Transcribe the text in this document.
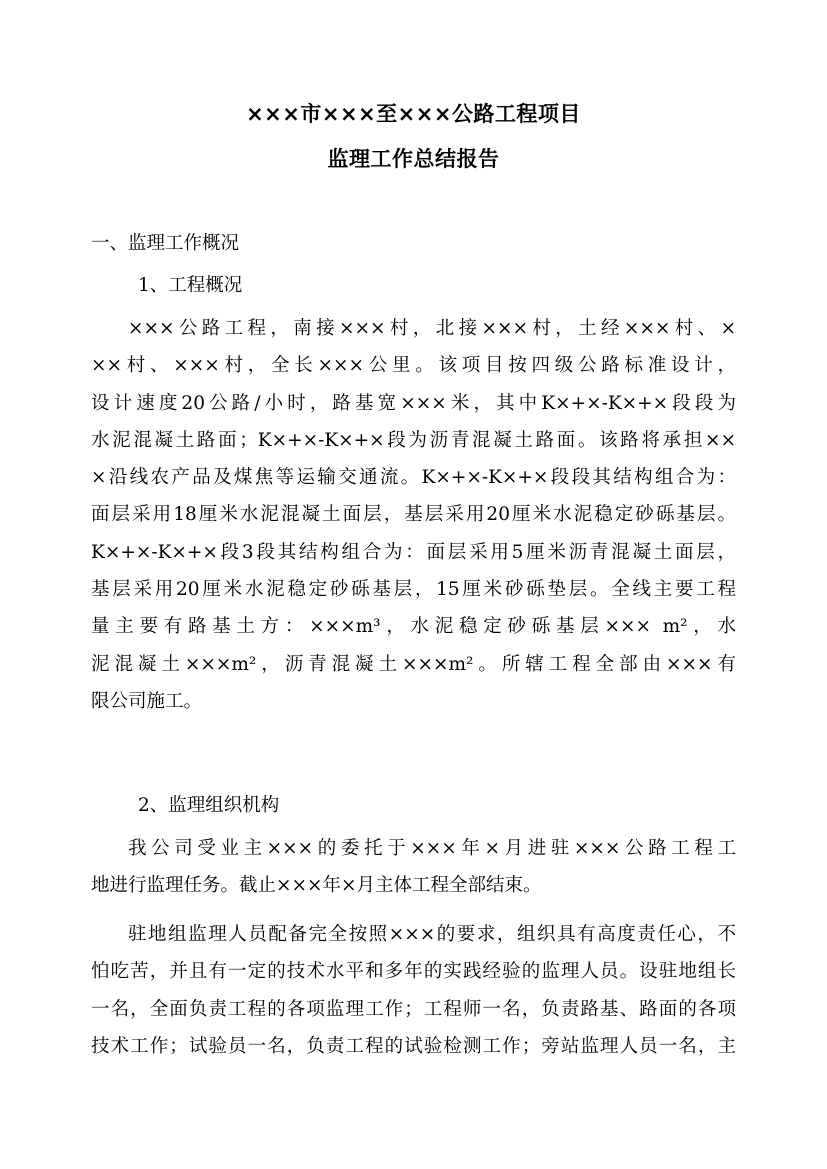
×××市×××至×××公路工程项目
监理工作总结报告
一、监理工作概况
1、工程概况
×××公路工程，南接×××村，北接×××村，土经×××村、×
××村、×××村，全长×××公里。该项目按四级公路标准设计，
设计速度20公路/小时，路基宽×××米，其中K×+×-K×+×段段为
水泥混凝土路面；K×+×-K×+×段为沥青混凝土路面。该路将承担××
×沿线农产品及煤焦等运输交通流。K×+×-K×+×段段其结构组合为：
面层采用18厘米水泥混凝土面层，基层采用20厘米水泥稳定砂砾基层。
K×+×-K×+×段3段其结构组合为：面层采用5厘米沥青混凝土面层，
基层采用20厘米水泥稳定砂砾基层，15厘米砂砾垫层。全线主要工程
量主要有路基土方：×××m³，水泥稳定砂砾基层××× m²，水
泥混凝土×××m²，沥青混凝土×××m²。所辖工程全部由×××有
限公司施工。
2、监理组织机构
我公司受业主×××的委托于×××年×月进驻×××公路工程工
地进行监理任务。截止×××年×月主体工程全部结束。
驻地组监理人员配备完全按照×××的要求，组织具有高度责任心，不
怕吃苦，并且有一定的技术水平和多年的实践经验的监理人员。设驻地组长
一名，全面负责工程的各项监理工作；工程师一名，负责路基、路面的各项
技术工作；试验员一名，负责工程的试验检测工作；旁站监理人员一名，主
